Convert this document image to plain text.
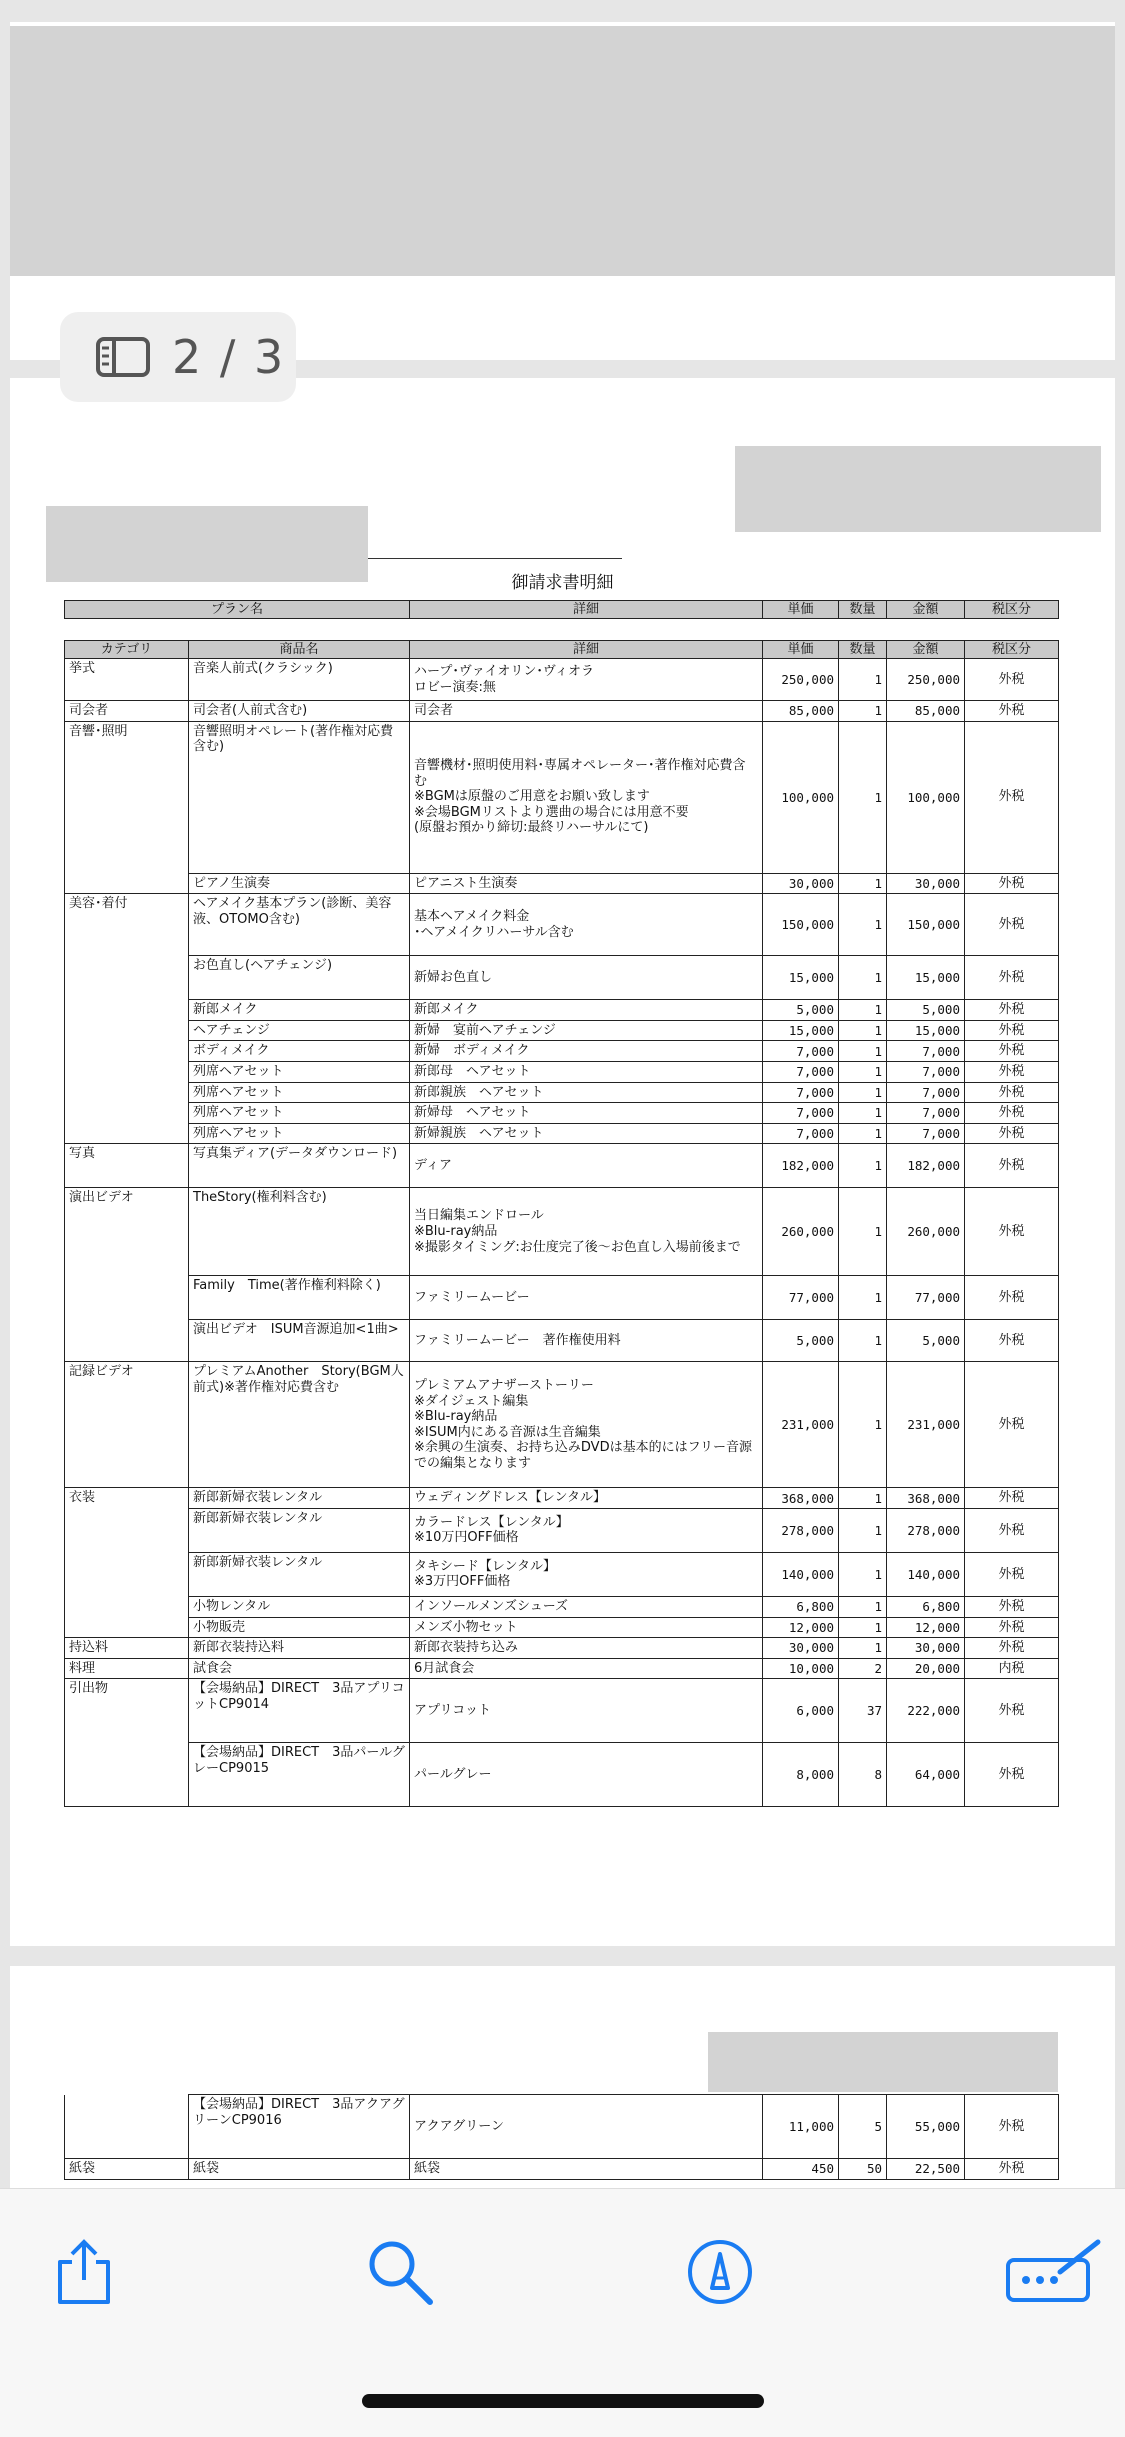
御請求書明細
2 / 3
プラン名	詳細	単価	数量	金額	税区分
カテゴリ	商品名	詳細	単価	数量	金額	税区分
挙式	音楽人前式(クラシック)	ハープ･ヴァイオリン･ヴィオラ
ロビー演奏:無	250,000	1	250,000	外税
司会者	司会者(人前式含む)	司会者	85,000	1	85,000	外税
音響･照明	音響照明オペレート(著作権対応費含む)	音響機材･照明使用料･専属オペレーター･著作権対応費含む
※BGMは原盤のご用意をお願い致します
※会場BGMリストより選曲の場合には用意不要
(原盤お預かり締切:最終リハーサルにて)	100,000	1	100,000	外税
	ピアノ生演奏	ピアニスト生演奏	30,000	1	30,000	外税
美容･着付	ヘアメイク基本プラン(診断、美容液、OTOMO含む)	基本ヘアメイク料金
･ヘアメイクリハーサル含む	150,000	1	150,000	外税
	お色直し(ヘアチェンジ)	新婦お色直し	15,000	1	15,000	外税
	新郎メイク	新郎メイク	5,000	1	5,000	外税
	ヘアチェンジ	新婦　宴前ヘアチェンジ	15,000	1	15,000	外税
	ボディメイク	新婦　ボディメイク	7,000	1	7,000	外税
	列席ヘアセット	新郎母　ヘアセット	7,000	1	7,000	外税
	列席ヘアセット	新郎親族　ヘアセット	7,000	1	7,000	外税
	列席ヘアセット	新婦母　ヘアセット	7,000	1	7,000	外税
	列席ヘアセット	新婦親族　ヘアセット	7,000	1	7,000	外税
写真	写真集ディア(データダウンロード)	ディア	182,000	1	182,000	外税
演出ビデオ	TheStory(権利料含む)	当日編集エンドロール
※Blu-ray納品
※撮影タイミング:お仕度完了後～お色直し入場前後まで	260,000	1	260,000	外税
	Family　Time(著作権利料除く)	ファミリームービー	77,000	1	77,000	外税
	演出ビデオ　ISUM音源追加<1曲>	ファミリームービー　著作権使用料	5,000	1	5,000	外税
記録ビデオ	プレミアムAnother　Story(BGM人前式)※著作権対応費含む	プレミアムアナザーストーリー
※ダイジェスト編集
※Blu-ray納品
※ISUM内にある音源は生音編集
※余興の生演奏、お持ち込みDVDは基本的にはフリー音源での編集となります	231,000	1	231,000	外税
衣装	新郎新婦衣装レンタル	ウェディングドレス【レンタル】	368,000	1	368,000	外税
	新郎新婦衣装レンタル	カラードレス【レンタル】
※10万円OFF価格	278,000	1	278,000	外税
	新郎新婦衣装レンタル	タキシード【レンタル】
※3万円OFF価格	140,000	1	140,000	外税
	小物レンタル	インソールメンズシューズ	6,800	1	6,800	外税
	小物販売	メンズ小物セット	12,000	1	12,000	外税
持込料	新郎衣装持込料	新郎衣装持ち込み	30,000	1	30,000	外税
料理	試食会	6月試食会	10,000	2	20,000	内税
引出物	【会場納品】DIRECT　3品アプリコットCP9014	アプリコット	6,000	37	222,000	外税
	【会場納品】DIRECT　3品パールグレーCP9015	パールグレー	8,000	8	64,000	外税
	【会場納品】DIRECT　3品アクアグリーンCP9016	アクアグリーン	11,000	5	55,000	外税
紙袋	紙袋	紙袋	450	50	22,500	外税
